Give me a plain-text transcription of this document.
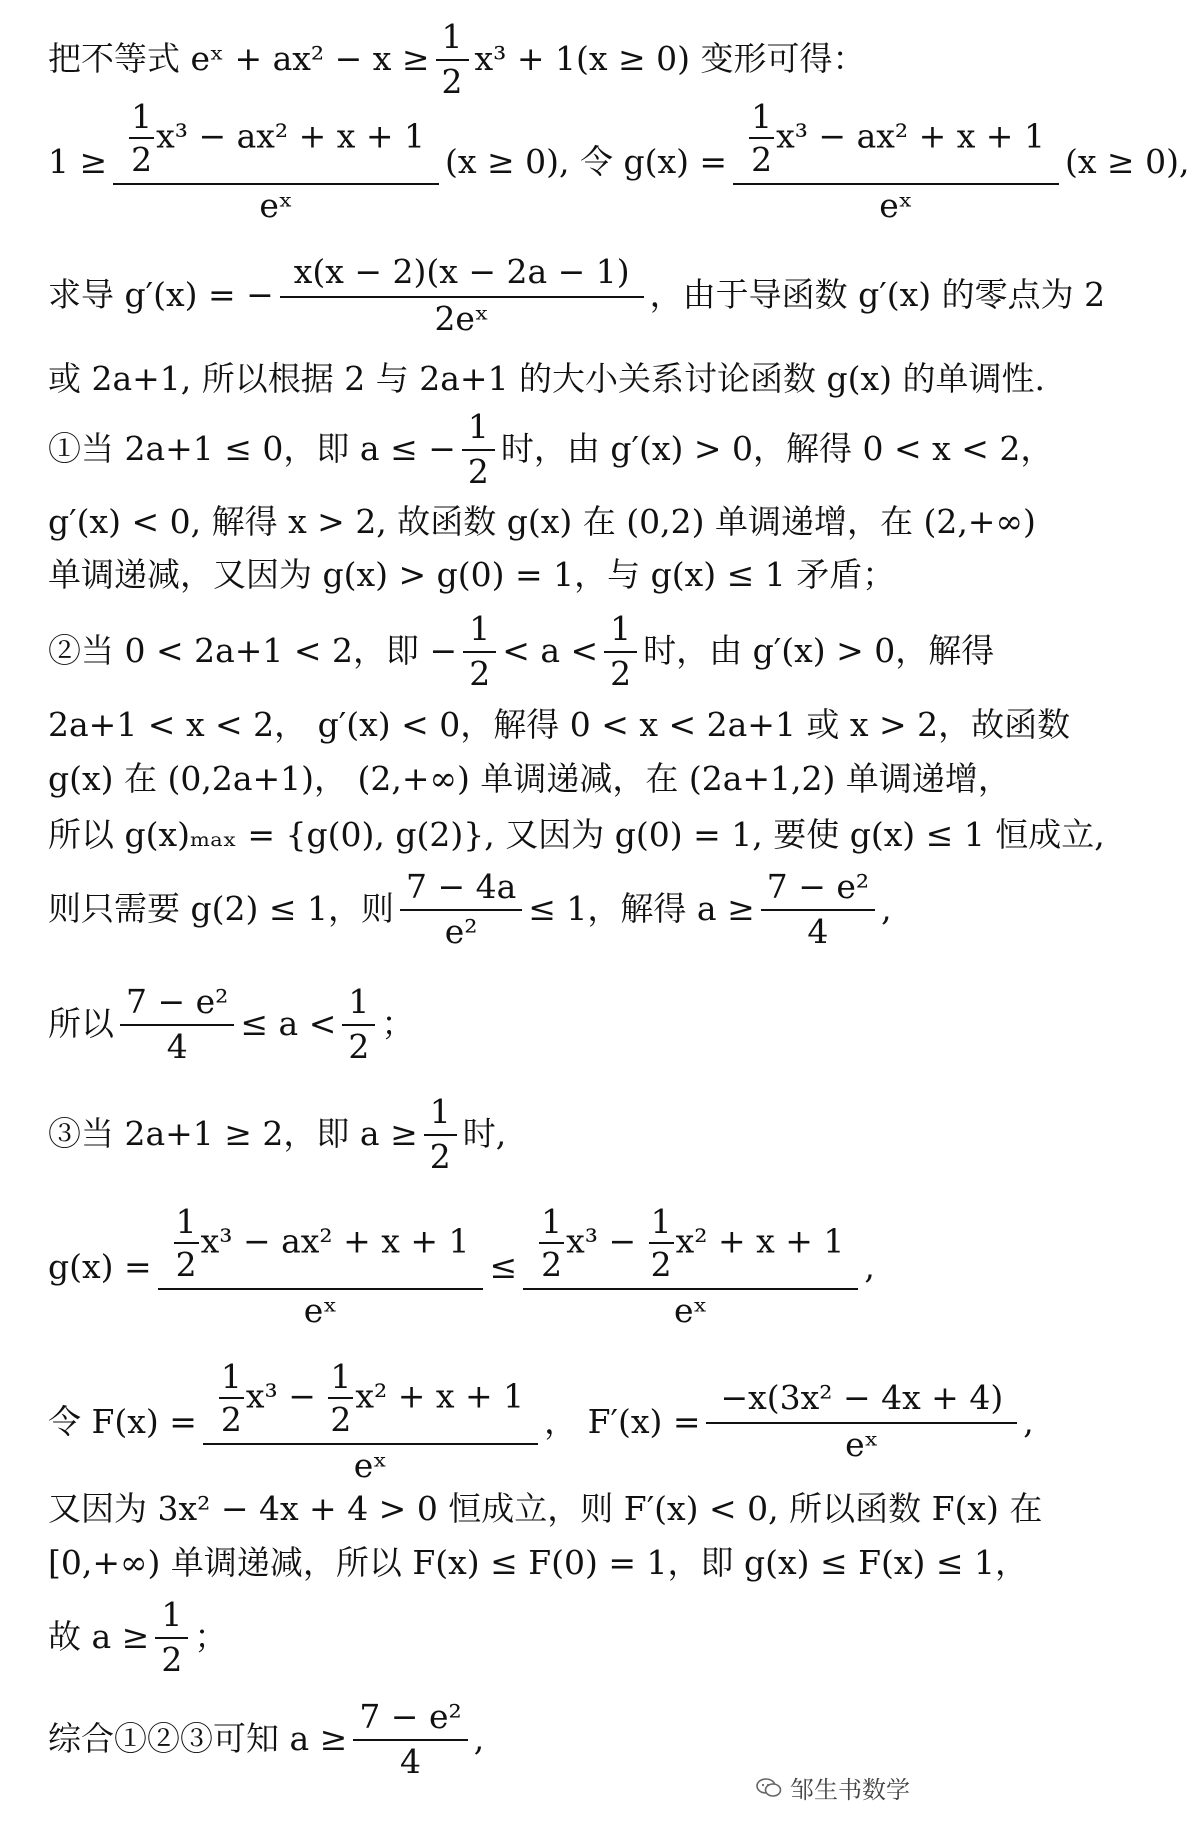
把不等式 eˣ + $ax^2 - x \ge \frac{1}{2} x^3 + 1(x \ge 0)$ 变形可得：
$1 \ge \frac{\frac{1}{2} x^3 - ax^2 + x + 1}{\text{eˣ}} (x \ge 0)$, 令 $g(x) = \frac{\frac{1}{2} x^3 - ax^2 + x + 1}{\text{eˣ}} (x \ge 0)$,
求导 g′(x) = − $\frac{x(x - 2)(x - 2a - 1)}{\text{2eˣ}}$ ，由于导函数 g′(x) 的零点为 2
或 2a+1, 所以根据 2 与 2a+1 的大小关系讨论函数 g(x) 的单调性.
①当 2a+1 ≤ 0，即 a ≤ − $\frac{1}{2}$ 时，由 g′(x) > 0，解得 0 < x < 2，
g′(x) < 0, 解得 x > 2, 故函数 g(x) 在 (0,2) 单调递增，在 (2,+∞)
单调递减，又因为 g(x) > g(0) = 1，与 g(x) ≤ 1 矛盾；
②当 0 < 2a+1 < 2，即 − $\frac{1}{2} < a < \frac{1}{2}$ 时，由 g′(x) > 0，解得
2a+1 < x < 2， g′(x) < 0，解得 0 < x < 2a+1 或 x > 2，故函数
g(x) 在 (0,2a+1)， (2,+∞) 单调递减，在 (2a+1,2) 单调递增，
所以 g(x)ₘₐₓ = {g(0), g(2)}, 又因为 g(0) = 1, 要使 g(x) ≤ 1 恒成立,
则只需要 g(2) ≤ 1，则 $\frac{7 - 4a}{\text{e²}} \le 1$，解得 $a \ge \frac{\text{7 − e²}}{4}$ ,
所以 $\frac{\text{7 − e²}}{4} \le a < \frac{1}{2}$ ；
③当 2a+1 ≥ 2，即 $a \ge \frac{1}{2}$ 时,
$g(x) = \frac{\frac{1}{2} x^3 - ax^2 + x + 1}{\text{eˣ}} \le \frac{\frac{1}{2} x^3 - \frac{1}{2} x^2 + x + 1}{\text{eˣ}}$ ,
令 $F(x) = \frac{\frac{1}{2} x^3 - \frac{1}{2} x^2 + x + 1}{\text{eˣ}}$ ， $F'(x) = \frac{\text{−x(3x² − 4x + 4)}}{\text{eˣ}}$ ,
又因为 3x² − 4x + 4 > 0 恒成立，则 F′(x) < 0, 所以函数 F(x) 在
[0,+∞) 单调递减，所以 F(x) ≤ F(0) = 1，即 g(x) ≤ F(x) ≤ 1，
故 $a \ge \frac{1}{2}$ ；
综合①②③可知 $a \ge \frac{\text{7 − e²}}{4}$ ,
邹生书数学
